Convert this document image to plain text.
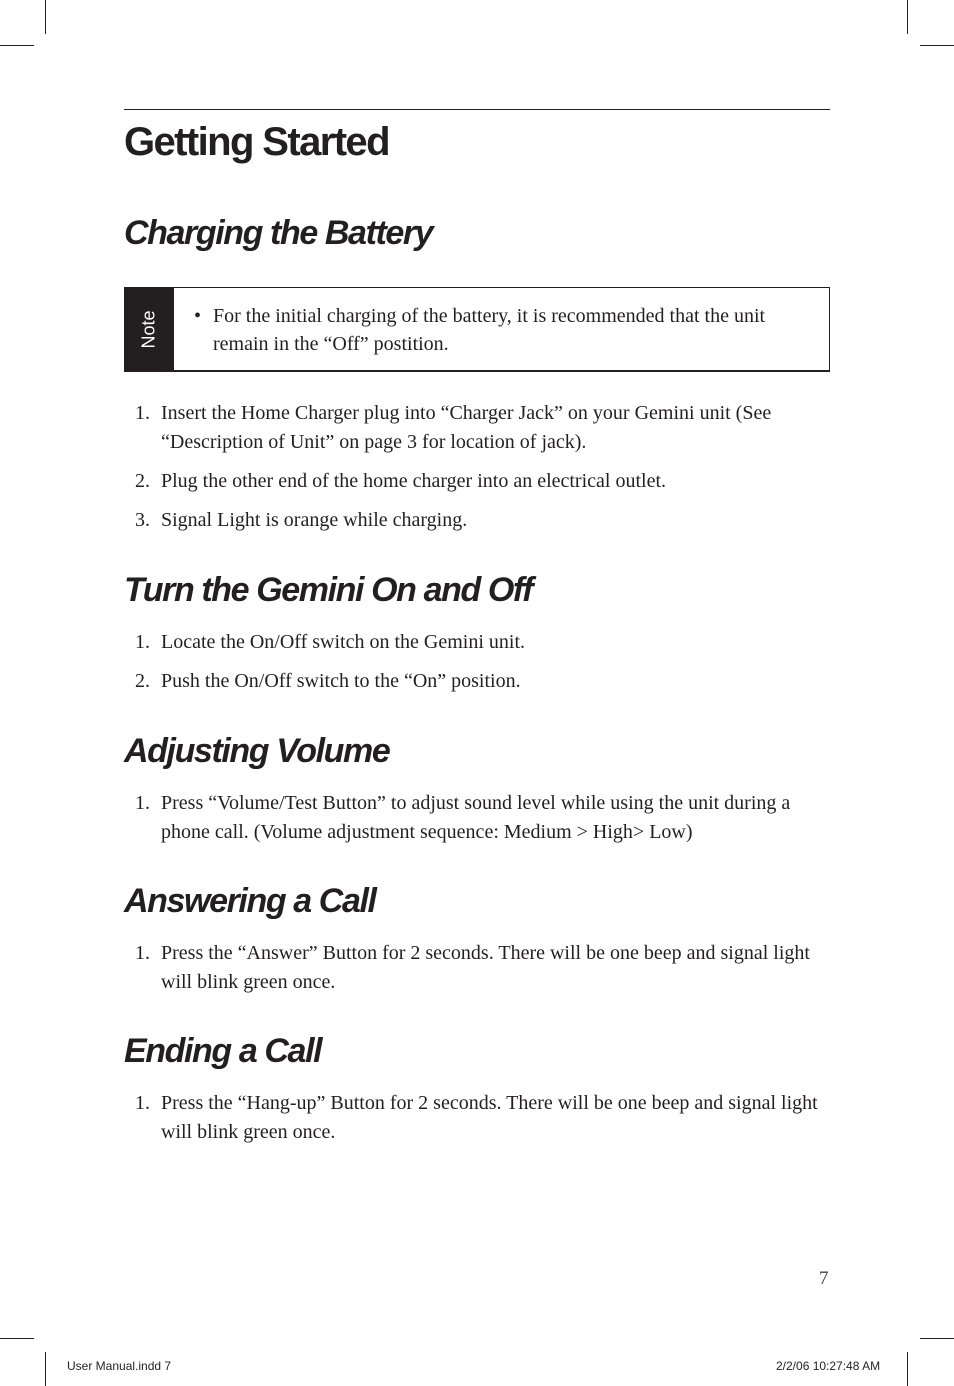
Getting Started
Charging the Battery
Note • For the initial charging of the battery, it is recommended that the unit remain in the “Off” postition.
1. Insert the Home Charger plug into “Charger Jack” on your Gemini unit (See “Description of Unit” on page 3 for location of jack).
2. Plug the other end of the home charger into an electrical outlet.
3. Signal Light is orange while charging.
Turn the Gemini On and Off
1. Locate the On/Off switch on the Gemini unit.
2. Push the On/Off switch to the “On” position.
Adjusting Volume
1. Press “Volume/Test Button” to adjust sound level while using the unit during a phone call. (Volume adjustment sequence: Medium > High> Low)
Answering a Call
1. Press the “Answer” Button for 2 seconds. There will be one beep and signal light will blink green once.
Ending a Call
1. Press the “Hang-up” Button for 2 seconds. There will be one beep and signal light will blink green once.
7
User Manual.indd 7	2/2/06 10:27:48 AM
